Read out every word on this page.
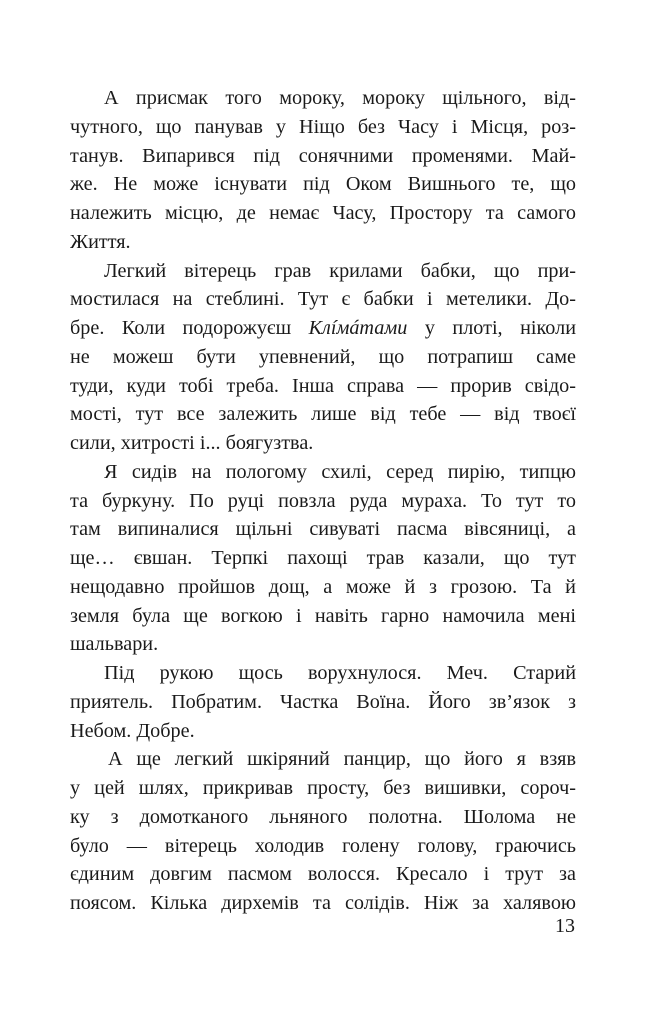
А присмак того мороку, мороку щільного, від-
чутного, що панував у Ніщо без Часу і Місця, роз-
танув. Випарився під сонячними променями. Май-
же. Не може існувати під Оком Вишнього те, що
належить місцю, де немає Часу, Простору та самого
Життя.
Легкий вітерець грав крилами бабки, що при-
мостилася на стеблині. Тут є бабки і метелики. До-
бре. Коли подорожуєш Клíмáтами у плоті, ніколи
не можеш бути упевнений, що потрапиш саме
туди, куди тобі треба. Інша справа — прорив свідо-
мості, тут все залежить лише від тебе — від твоєї
сили, хитрості і... боягузтва.
Я сидів на пологому схилі, серед пирію, типцю
та буркуну. По руці повзла руда мураха. То тут то
там випиналися щільні сивуваті пасма вівсяниці, а
ще… євшан. Терпкі пахощі трав казали, що тут
нещодавно пройшов дощ, а може й з грозою. Та й
земля була ще вогкою і навіть гарно намочила мені
шальвари.
Під рукою щось ворухнулося. Меч. Старий
приятель. Побратим. Частка Воїна. Його зв’язок з
Небом. Добре.
А ще легкий шкіряний панцир, що його я взяв
у цей шлях, прикривав просту, без вишивки, сороч-
ку з домотканого льняного полотна. Шолома не
було — вітерець холодив голену голову, граючись
єдиним довгим пасмом волосся. Кресало і трут за
поясом. Кілька дирхемів та солідів. Ніж за халявою
13
